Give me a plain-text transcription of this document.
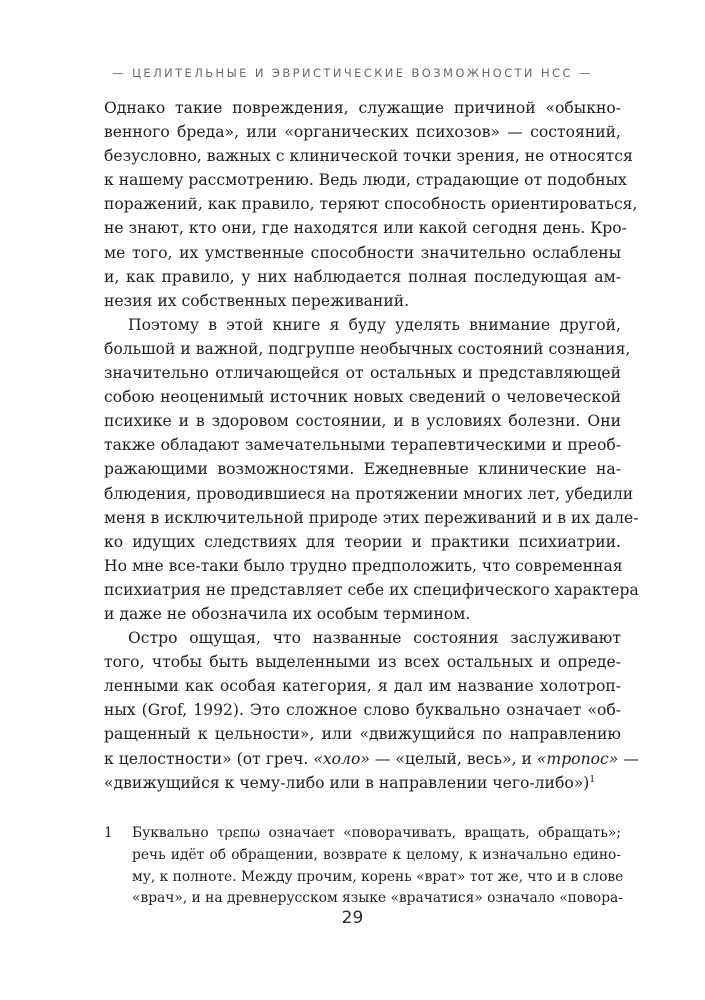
— ЦЕЛИТЕЛЬНЫЕ И ЭВРИСТИЧЕСКИЕ ВОЗМОЖНОСТИ НСС —
Однако такие повреждения, служащие причиной «обыкно-
венного бреда», или «органических психозов» — состояний,
безусловно, важных с клинической точки зрения, не относятся
к нашему рассмотрению. Ведь люди, страдающие от подобных
поражений, как правило, теряют способность ориентироваться,
не знают, кто они, где находятся или какой сегодня день. Кро-
ме того, их умственные способности значительно ослаблены
и, как правило, у них наблюдается полная последующая ам-
незия их собственных переживаний.
Поэтому в этой книге я буду уделять внимание другой,
большой и важной, подгруппе необычных состояний сознания,
значительно отличающейся от остальных и представляющей
собою неоценимый источник новых сведений о человеческой
психике и в здоровом состоянии, и в условиях болезни. Они
также обладают замечательными терапевтическими и преоб-
ражающими возможностями. Ежедневные клинические на-
блюдения, проводившиеся на протяжении многих лет, убедили
меня в исключительной природе этих переживаний и в их дале-
ко идущих следствиях для теории и практики психиатрии.
Но мне все-таки было трудно предположить, что современная
психиатрия не представляет себе их специфического характера
и даже не обозначила их особым термином.
Остро ощущая, что названные состояния заслуживают
того, чтобы быть выделенными из всех остальных и опреде-
ленными как особая категория, я дал им название холотроп-
ных (Grof, 1992). Это сложное слово буквально означает «об-
ращенный к цельности», или «движущийся по направлению
к целостности» (от греч. «холо» — «целый, весь», и «тропос» —
«движущийся к чему-либо или в направлении чего-либо»)$^1$
1 Буквально τρεπω означает «поворачивать, вращать, обращать»;
речь идёт об обращении, возврате к целому, к изначально едино-
му, к полноте. Между прочим, корень «врат» тот же, что и в слове
«врач», и на древнерусском языке «врачатися» означало «повора-
29
